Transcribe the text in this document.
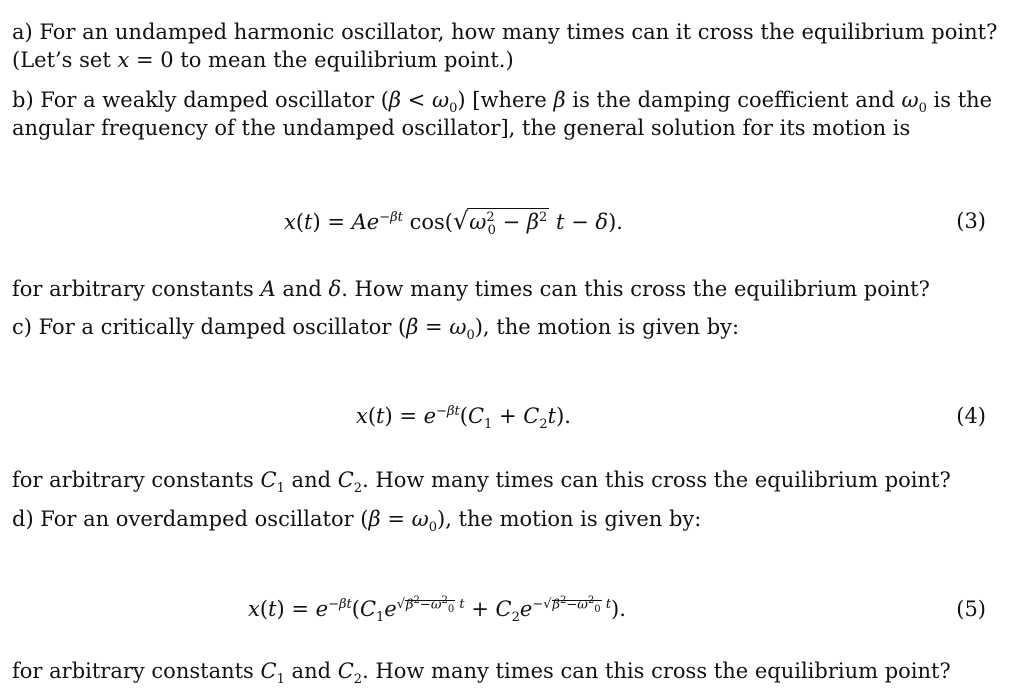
a) For an undamped harmonic oscillator, how many times can it cross the equilibrium point?
(Let’s set x = 0 to mean the equilibrium point.)
b) For a weakly damped oscillator $(\beta < \omega_0)$ [where β is the damping coefficient and $\omega_0$ is the
angular frequency of the undamped oscillator], the general solution for its motion is
$x(t) = Ae^{-\beta t}$ $\cos(√\omega^2_0 - \beta^2$ t − δ).	(3)
for arbitrary constants A and δ. How many times can this cross the equilibrium point?
c) For a critically damped oscillator $(\beta = \omega_0)$, the motion is given by:
$x(t) = e^{-\beta t}(C_1 + C_2t)$.	(4)
for arbitrary constants $C_1$ and $C_2$. How many times can this cross the equilibrium point?
d) For an overdamped oscillator $(\beta = \omega_0)$, the motion is given by:
$x(t) = e^{-\beta t}(C_1e^{√\beta^2-\omega^2_0 t} + C_2e^{-√\beta^2-\omega^2_0 t})$.	(5)
for arbitrary constants $C_1$ and $C_2$. How many times can this cross the equilibrium point?
